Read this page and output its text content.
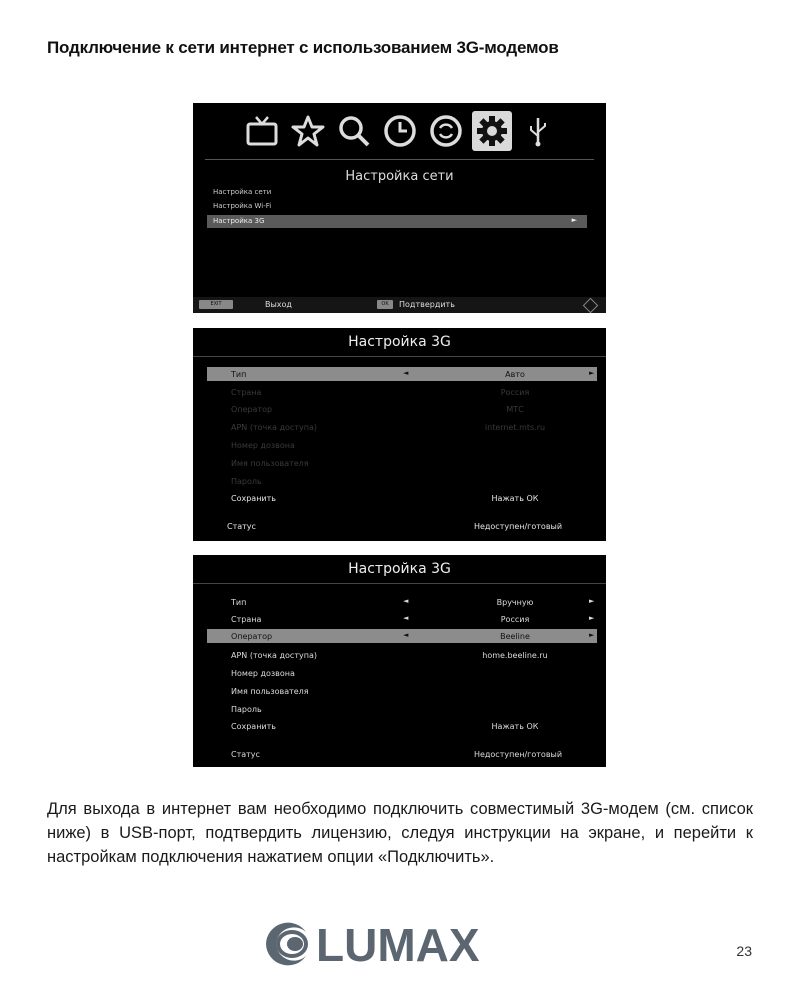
Подключение к сети интернет с использованием 3G-модемов
Настройка сети
Настройка сети
Настройка Wi-Fi
Настройка 3G	►
EXIT	Выход	OK	Подтвердить
Настройка 3G
Тип	◄	Авто	►
Страна	Россия
Оператор	МТС
APN (точка доступа)	internet.mts.ru
Номер дозвона
Имя пользователя
Пароль
Сохранить	Нажать ОК
Статус	Недоступен/готовый
Настройка 3G
Тип	◄	Вручную	►
Страна	◄	Россия	►
Оператор	◄	Beeline	►
APN (точка доступа)	home.beeline.ru
Номер дозвона
Имя пользователя
Пароль
Сохранить	Нажать ОК
Статус	Недоступен/готовый
Для выхода в интернет вам необходимо подключить совместимый 3G-модем (см. список ниже) в USB-порт, подтвердить лицензию, следуя инструкции на экране, и перейти к настройкам подключения нажатием опции «Подключить».
LUMAX	23
